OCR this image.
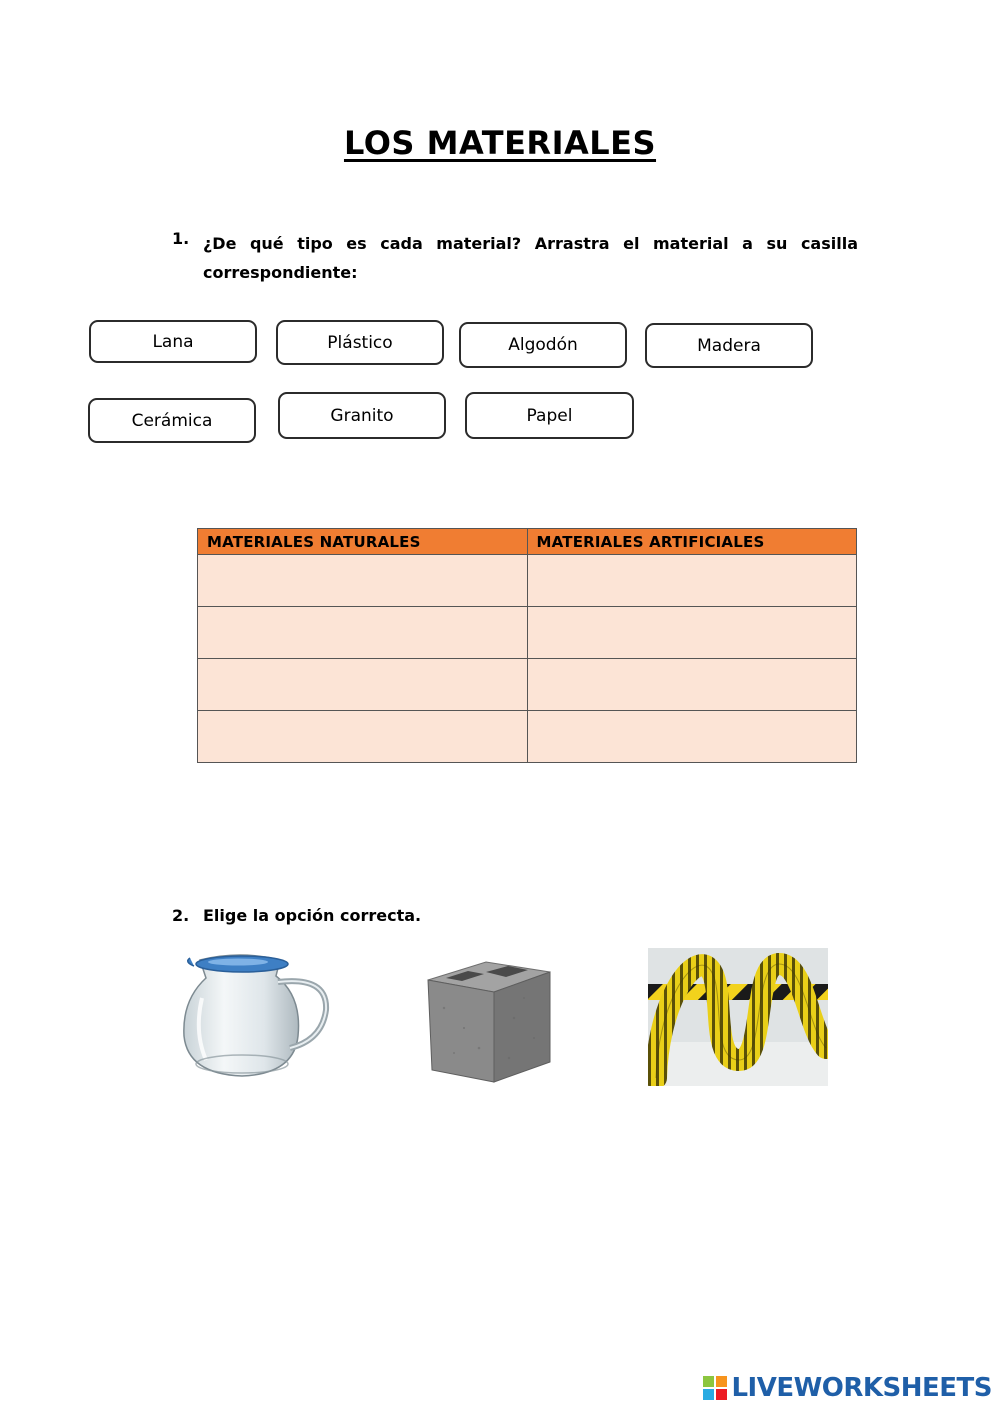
LOS MATERIALES
1. ¿De qué tipo es cada material? Arrastra el material a su casilla correspondiente:
Lana	Plástico	Algodón	Madera
Cerámica	Granito	Papel
MATERIALES NATURALES	MATERIALES ARTIFICIALES

2. Elige la opción correcta.
LIVEWORKSHEETS
